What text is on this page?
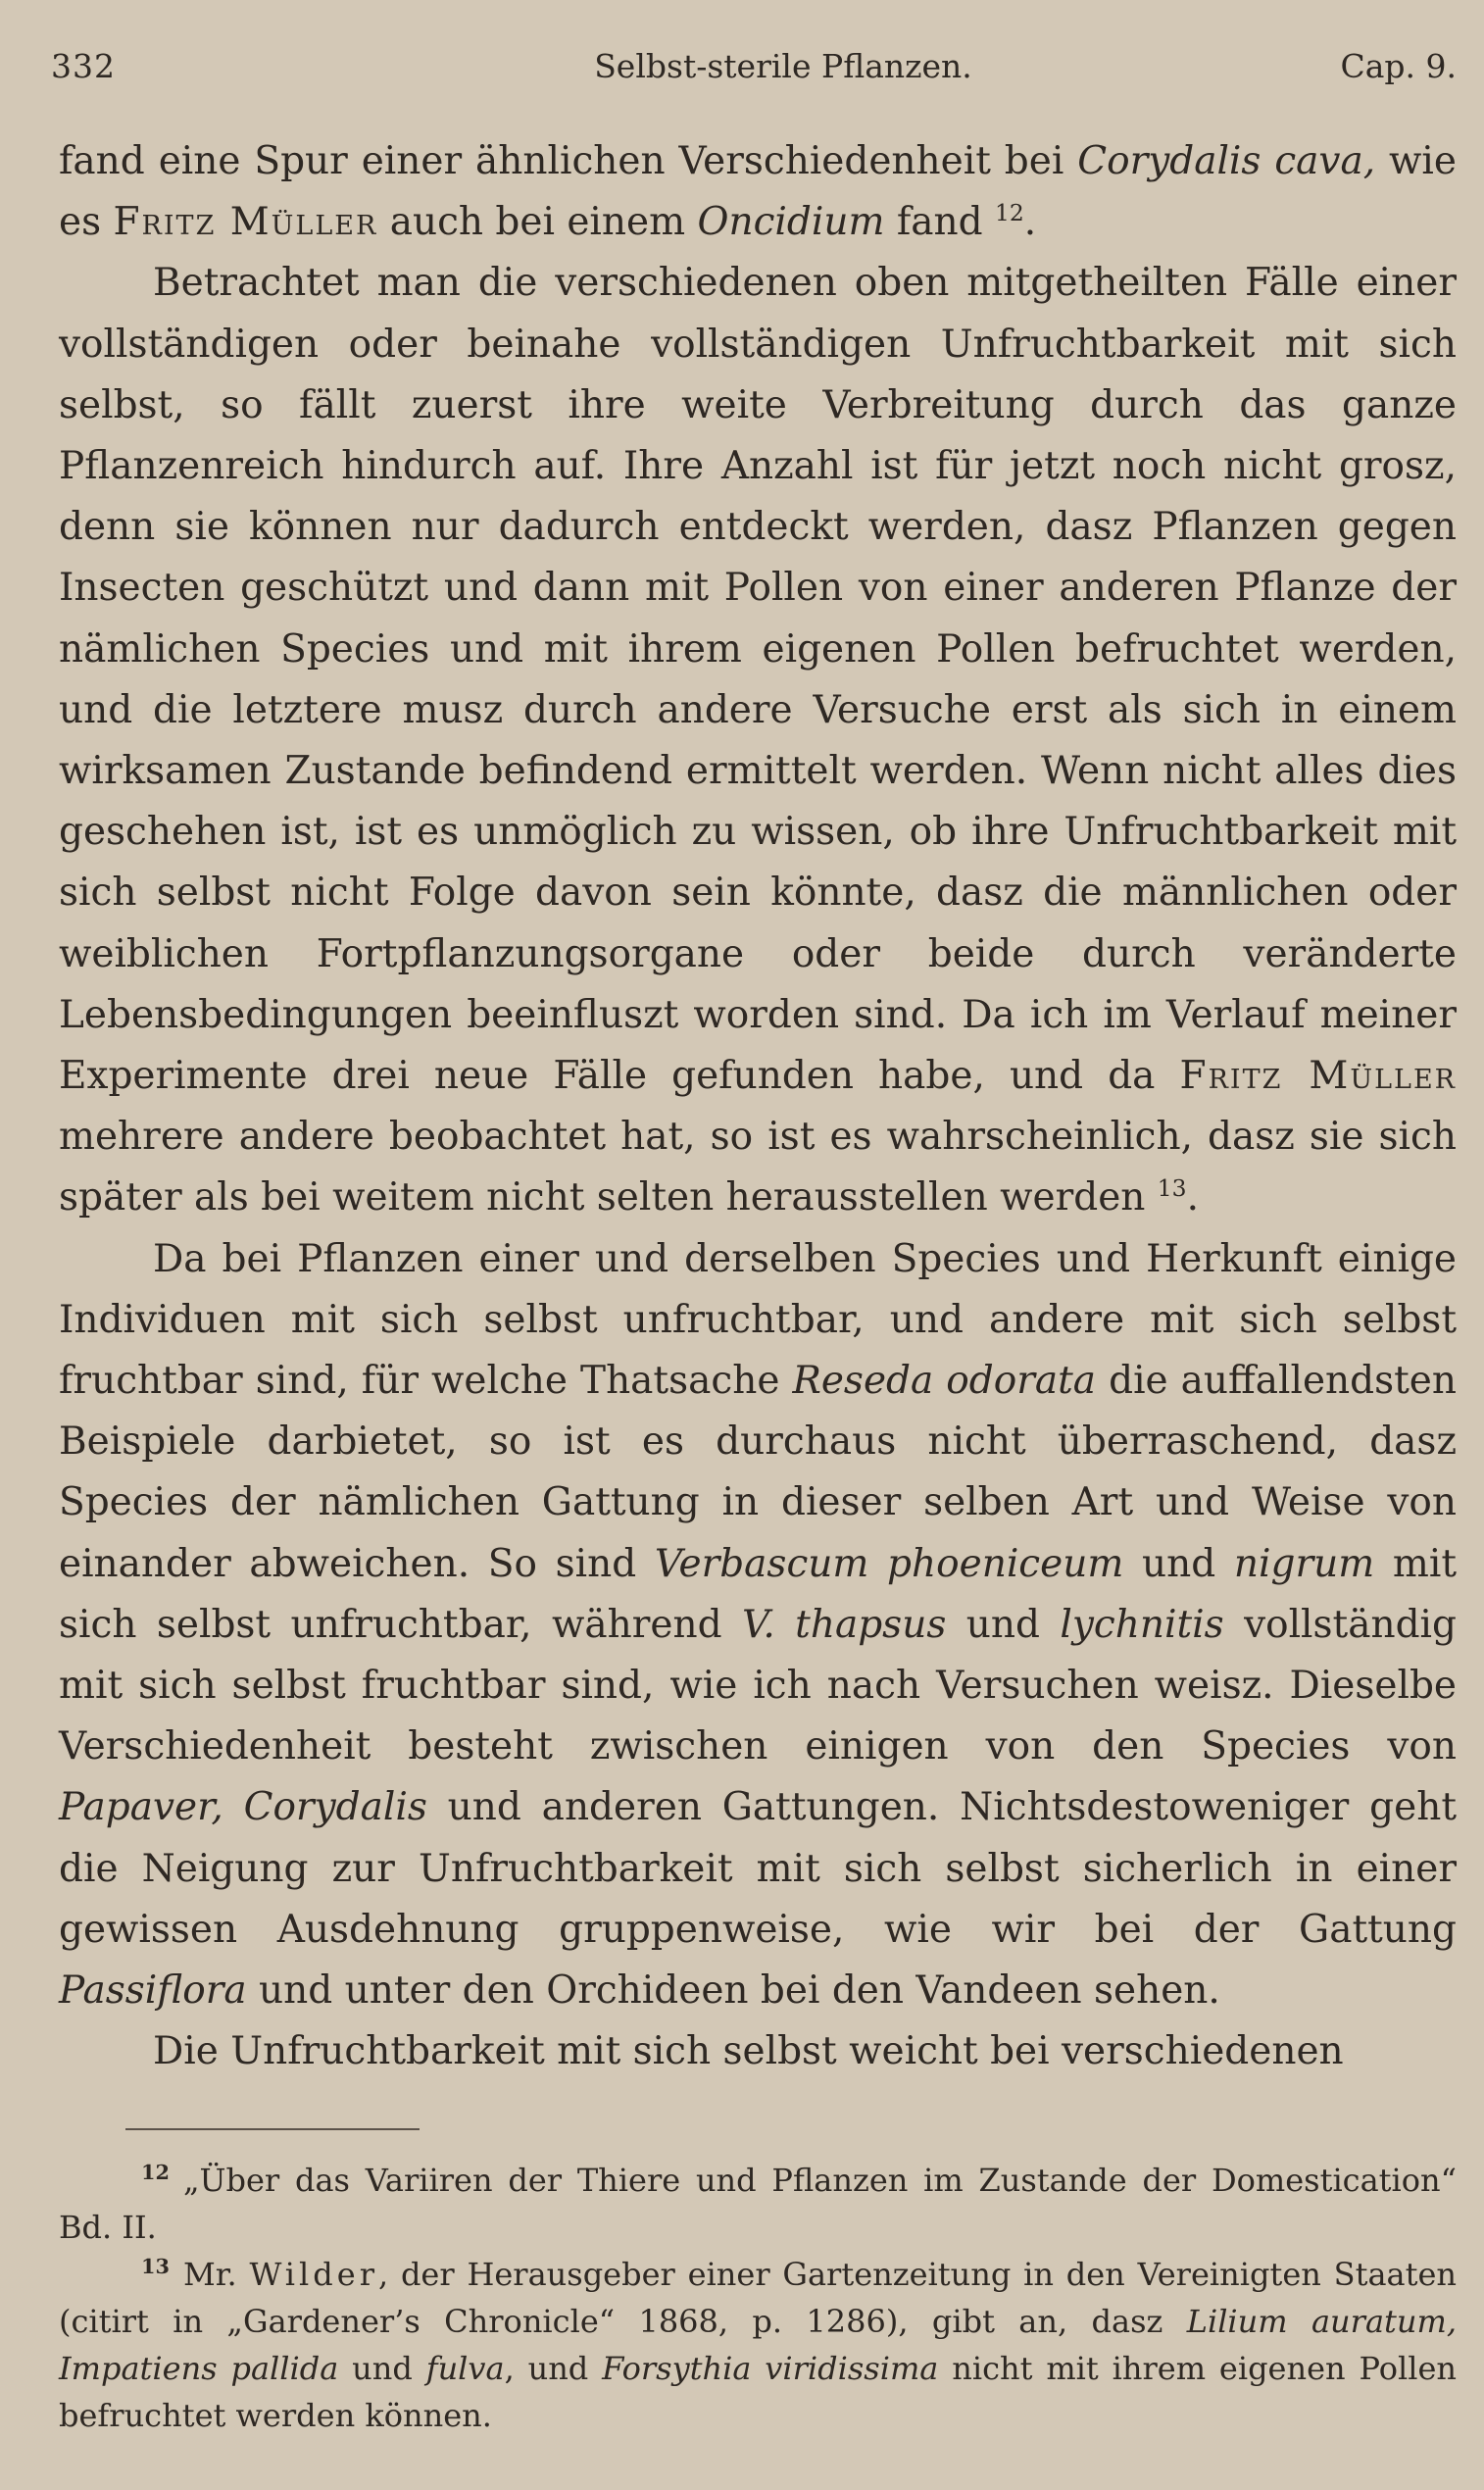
332	Selbst-sterile Pflanzen.	Cap. 9.

fand eine Spur einer ähnlichen Verschiedenheit bei Corydalis cava, wie es Fritz Müller auch bei einem Oncidium fand $^{12}$.

Betrachtet man die verschiedenen oben mitgetheilten Fälle einer vollständigen oder beinahe vollständigen Unfruchtbarkeit mit sich selbst, so fällt zuerst ihre weite Verbreitung durch das ganze Pflanzenreich hindurch auf. Ihre Anzahl ist für jetzt noch nicht grosz, denn sie können nur dadurch entdeckt werden, dasz Pflanzen gegen Insecten geschützt und dann mit Pollen von einer anderen Pflanze der nämlichen Species und mit ihrem eigenen Pollen befruchtet werden, und die letztere musz durch andere Versuche erst als sich in einem wirksamen Zustande befindend ermittelt werden. Wenn nicht alles dies geschehen ist, ist es unmöglich zu wissen, ob ihre Unfruchtbarkeit mit sich selbst nicht Folge davon sein könnte, dasz die männlichen oder weiblichen Fortpflanzungsorgane oder beide durch veränderte Lebensbedingungen beeinfluszt worden sind. Da ich im Verlauf meiner Experimente drei neue Fälle gefunden habe, und da Fritz Müller mehrere andere beobachtet hat, so ist es wahrscheinlich, dasz sie sich später als bei weitem nicht selten herausstellen werden $^{13}$.

Da bei Pflanzen einer und derselben Species und Herkunft einige Individuen mit sich selbst unfruchtbar, und andere mit sich selbst fruchtbar sind, für welche Thatsache Reseda odorata die auffallendsten Beispiele darbietet, so ist es durchaus nicht überraschend, dasz Species der nämlichen Gattung in dieser selben Art und Weise von einander abweichen. So sind Verbascum phoeniceum und nigrum mit sich selbst unfruchtbar, während V. thapsus und lychnitis vollständig mit sich selbst fruchtbar sind, wie ich nach Versuchen weisz. Dieselbe Verschiedenheit besteht zwischen einigen von den Species von Papaver, Corydalis und anderen Gattungen. Nichtsdestoweniger geht die Neigung zur Unfruchtbarkeit mit sich selbst sicherlich in einer gewissen Ausdehnung gruppenweise, wie wir bei der Gattung Passiflora und unter den Orchideen bei den Vandeen sehen.

Die Unfruchtbarkeit mit sich selbst weicht bei verschiedenen

$^{12}$ „Über das Variiren der Thiere und Pflanzen im Zustande der Domestication“ Bd. II.

$^{13}$ Mr. Wilder, der Herausgeber einer Gartenzeitung in den Vereinigten Staaten (citirt in „Gardener’s Chronicle“ 1868, p. 1286), gibt an, dasz Lilium auratum, Impatiens pallida und fulva, und Forsythia viridissima nicht mit ihrem eigenen Pollen befruchtet werden können.
